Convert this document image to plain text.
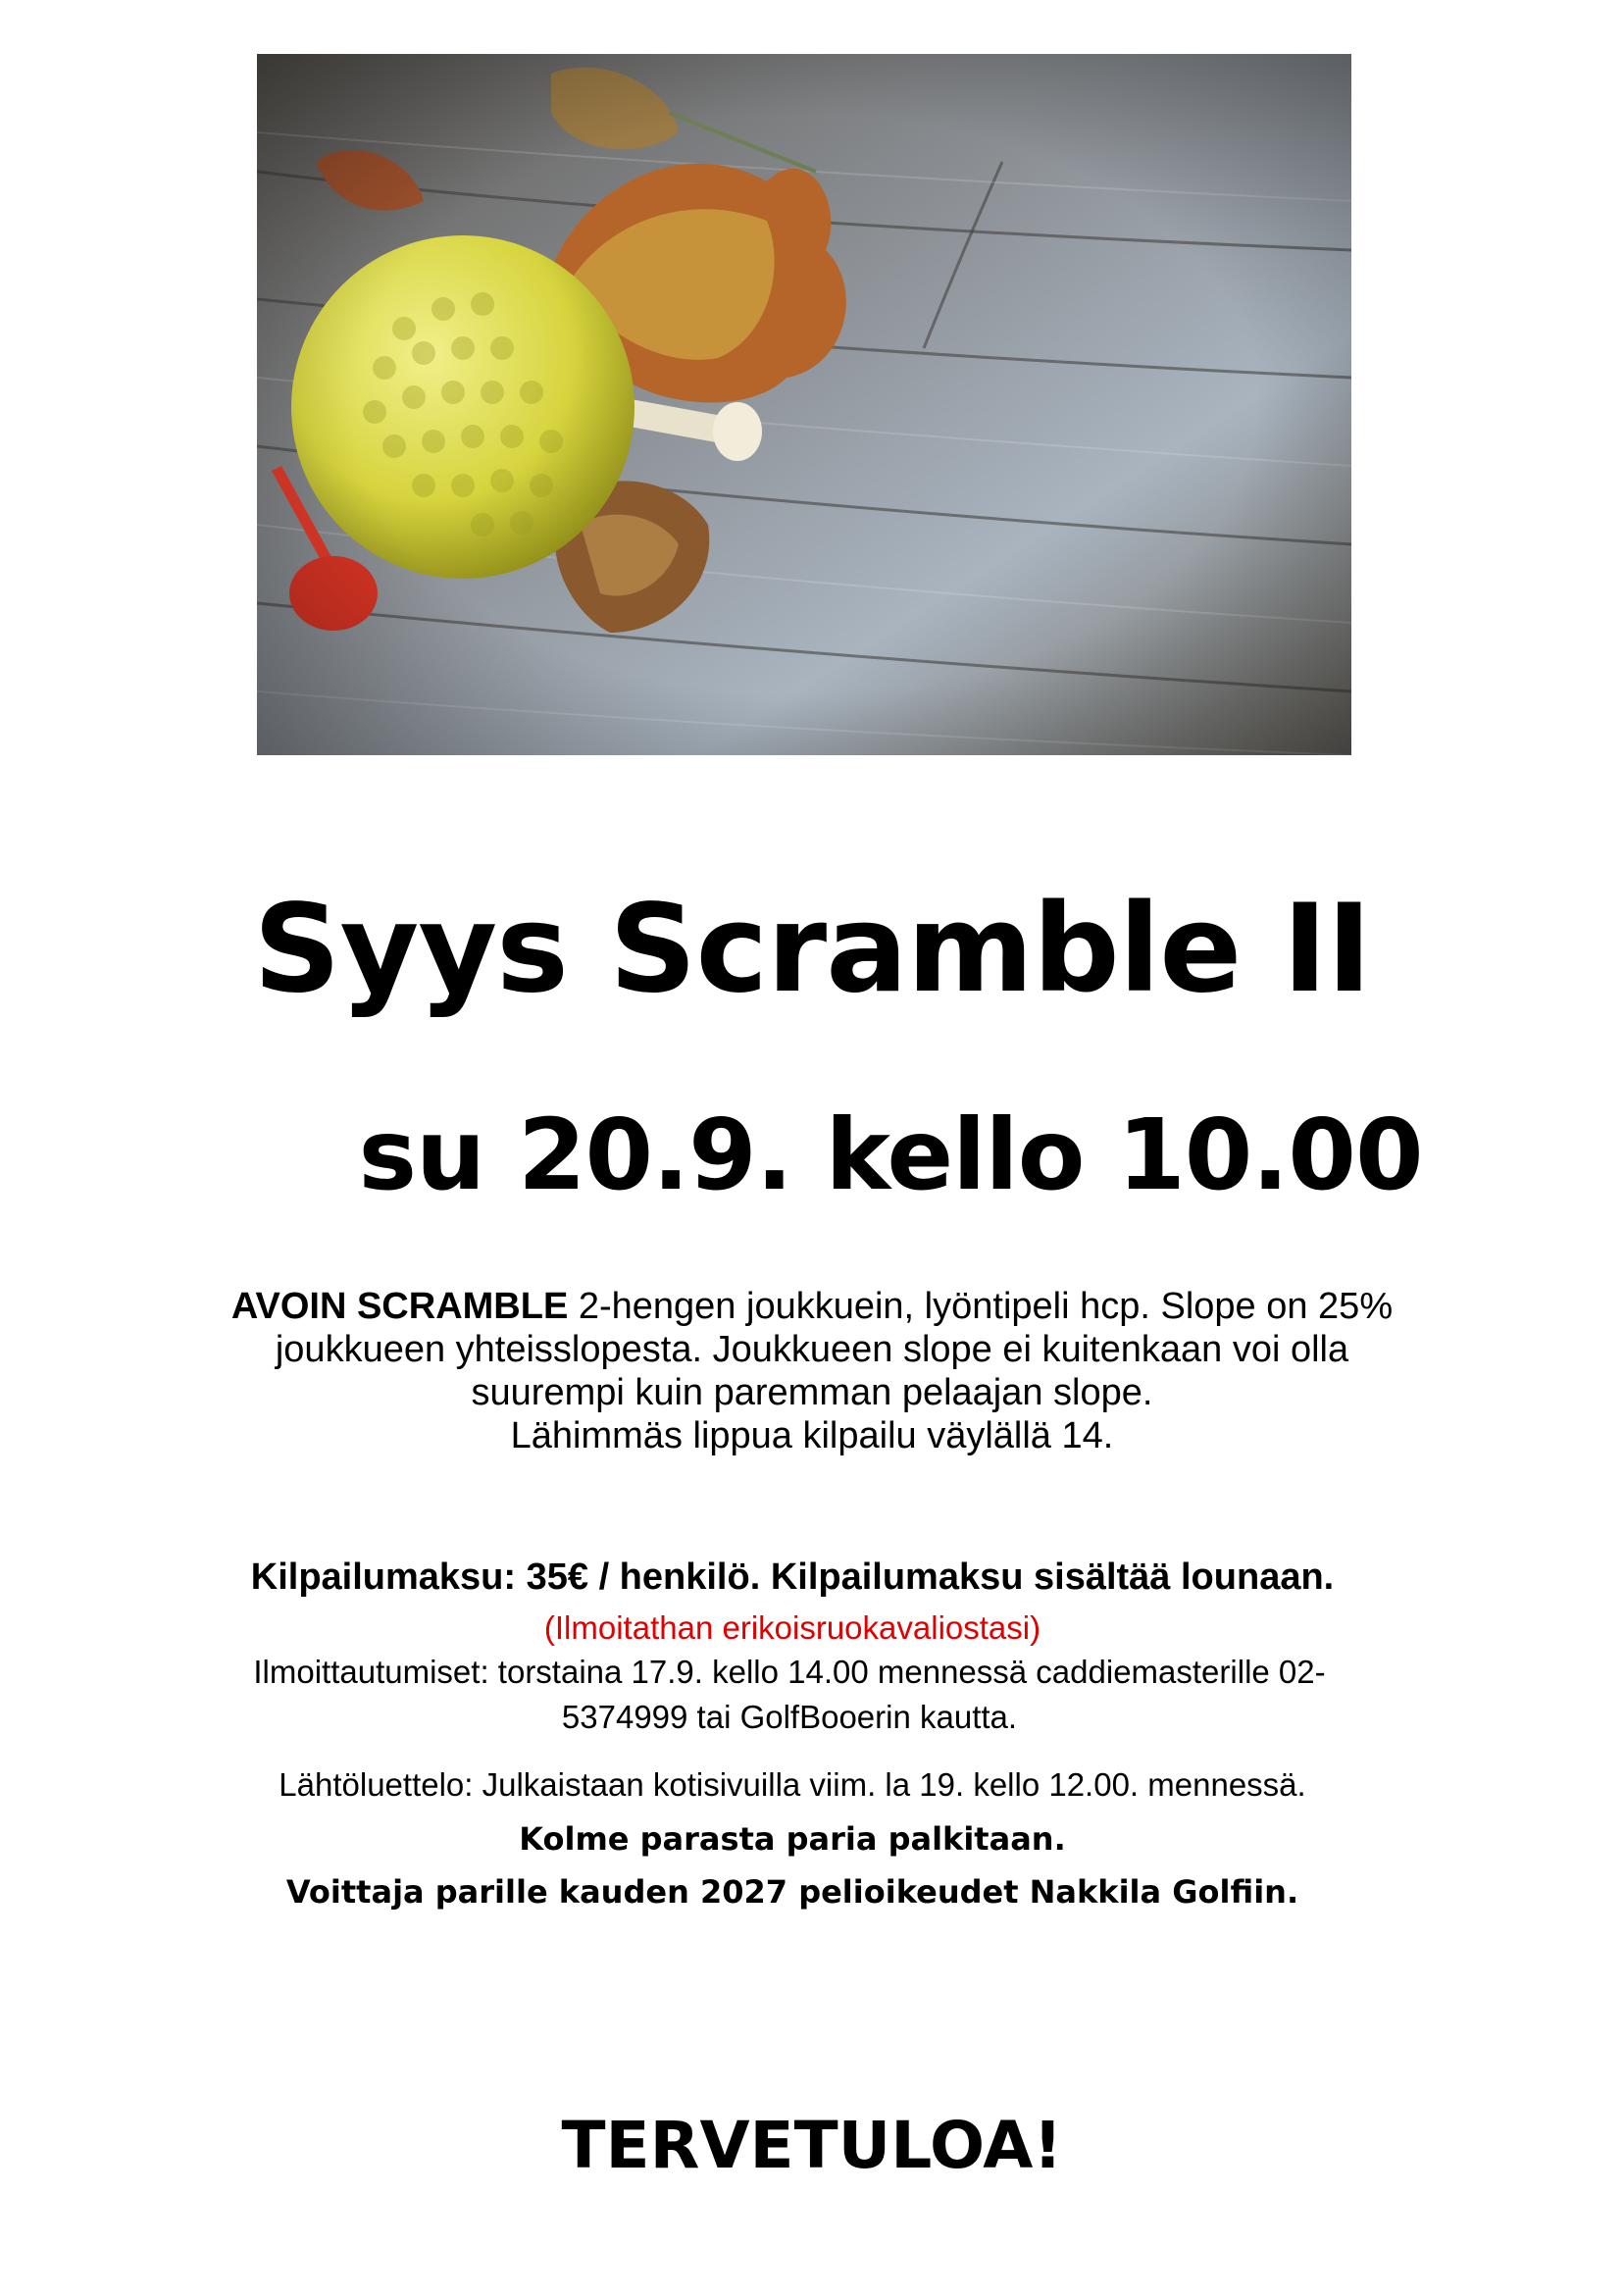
Syys Scramble II
su 20.9. kello 10.00
AVOIN SCRAMBLE 2-hengen joukkuein, lyöntipeli hcp. Slope on 25%
joukkueen yhteisslopesta. Joukkueen slope ei kuitenkaan voi olla
suurempi kuin paremman pelaajan slope.
Lähimmäs lippua kilpailu väylällä 14.
Kilpailumaksu: 35€ / henkilö. Kilpailumaksu sisältää lounaan.
(Ilmoitathan erikoisruokavaliostasi)
Ilmoittautumiset: torstaina 17.9. kello 14.00 mennessä caddiemasterille 02-
5374999 tai GolfBooerin kautta.
Lähtöluettelo: Julkaistaan kotisivuilla viim. la 19. kello 12.00. mennessä.
Kolme parasta paria palkitaan.
Voittaja parille kauden 2027 pelioikeudet Nakkila Golfiin.
TERVETULOA!
